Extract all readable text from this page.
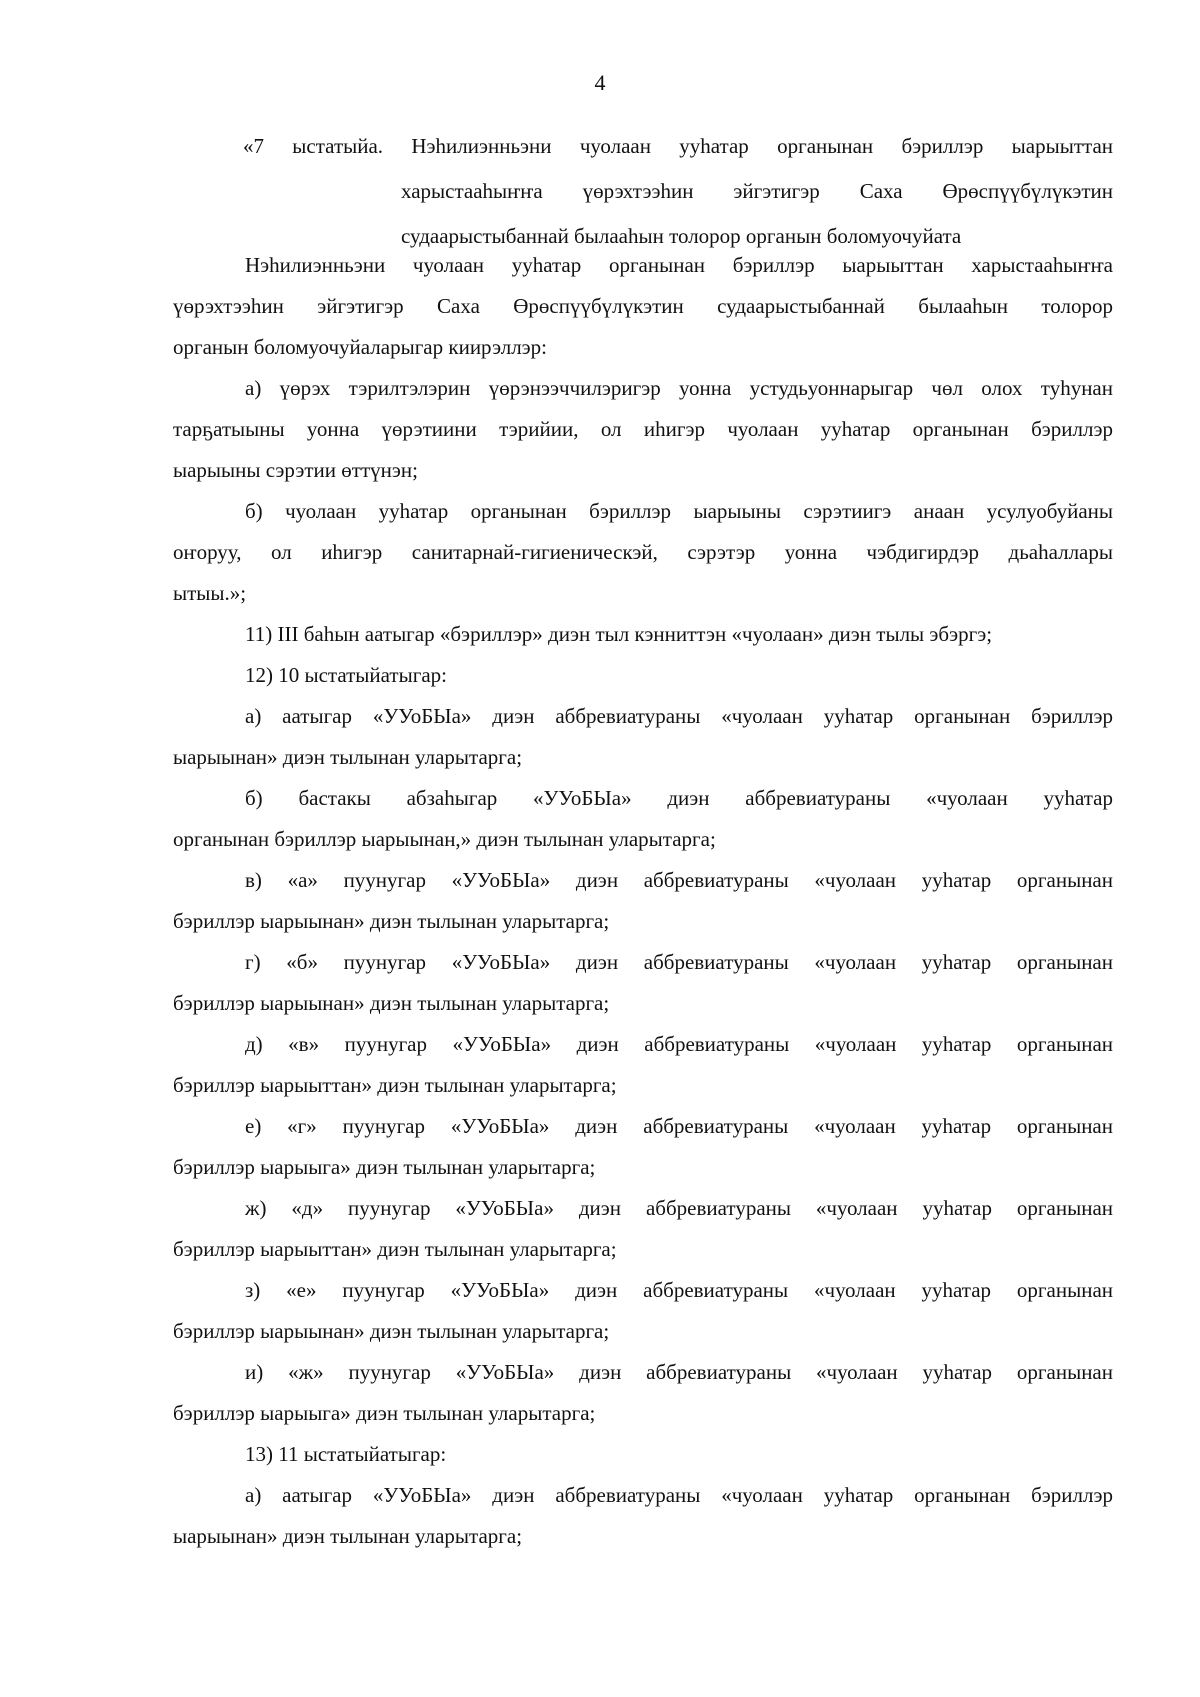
4
«7 ыстатыйа. Нэһилиэнньэни чуолаан ууһатар органынан бэриллэр ыарыыттан
харыстааһыҥҥа үөрэхтээһин эйгэтигэр Саха Өрөспүүбүлүкэтин
судаарыстыбаннай былааһын толорор органын боломуочуйата
Нэһилиэнньэни чуолаан ууһатар органынан бэриллэр ыарыыттан харыстааһыҥҥа
үөрэхтээһин эйгэтигэр Саха Өрөспүүбүлүкэтин судаарыстыбаннай былааһын толорор
органын боломуочуйаларыгар киирэллэр:
а) үөрэх тэрилтэлэрин үөрэнээччилэригэр уонна устудьуоннарыгар чөл олох туһунан
тарҕатыыны уонна үөрэтиини тэрийии, ол иһигэр чуолаан ууһатар органынан бэриллэр
ыарыыны сэрэтии өттүнэн;
б) чуолаан ууһатар органынан бэриллэр ыарыыны сэрэтиигэ анаан усулуобуйаны
оҥоруу, ол иһигэр санитарнай-гигиеническэй, сэрэтэр уонна чэбдигирдэр дьаһаллары
ытыы.»;
11) III баһын аатыгар «бэриллэр» диэн тыл кэнниттэн «чуолаан» диэн тылы эбэргэ;
12) 10 ыстатыйатыгар:
а) аатыгар «УУоБЫа» диэн аббревиатураны «чуолаан ууһатар органынан бэриллэр
ыарыынан» диэн тылынан уларытарга;
б) бастакы абзаһыгар «УУоБЫа» диэн аббревиатураны «чуолаан ууһатар
органынан бэриллэр ыарыынан,» диэн тылынан уларытарга;
в) «а» пуунугар «УУоБЫа» диэн аббревиатураны «чуолаан ууһатар органынан
бэриллэр ыарыынан» диэн тылынан уларытарга;
г) «б» пуунугар «УУоБЫа» диэн аббревиатураны «чуолаан ууһатар органынан
бэриллэр ыарыынан» диэн тылынан уларытарга;
д) «в» пуунугар «УУоБЫа» диэн аббревиатураны «чуолаан ууһатар органынан
бэриллэр ыарыыттан» диэн тылынан уларытарга;
е) «г» пуунугар «УУоБЫа» диэн аббревиатураны «чуолаан ууһатар органынан
бэриллэр ыарыыга» диэн тылынан уларытарга;
ж) «д» пуунугар «УУоБЫа» диэн аббревиатураны «чуолаан ууһатар органынан
бэриллэр ыарыыттан» диэн тылынан уларытарга;
з) «е» пуунугар «УУоБЫа» диэн аббревиатураны «чуолаан ууһатар органынан
бэриллэр ыарыынан» диэн тылынан уларытарга;
и) «ж» пуунугар «УУоБЫа» диэн аббревиатураны «чуолаан ууһатар органынан
бэриллэр ыарыыга» диэн тылынан уларытарга;
13) 11 ыстатыйатыгар:
а) аатыгар «УУоБЫа» диэн аббревиатураны «чуолаан ууһатар органынан бэриллэр
ыарыынан» диэн тылынан уларытарга;
